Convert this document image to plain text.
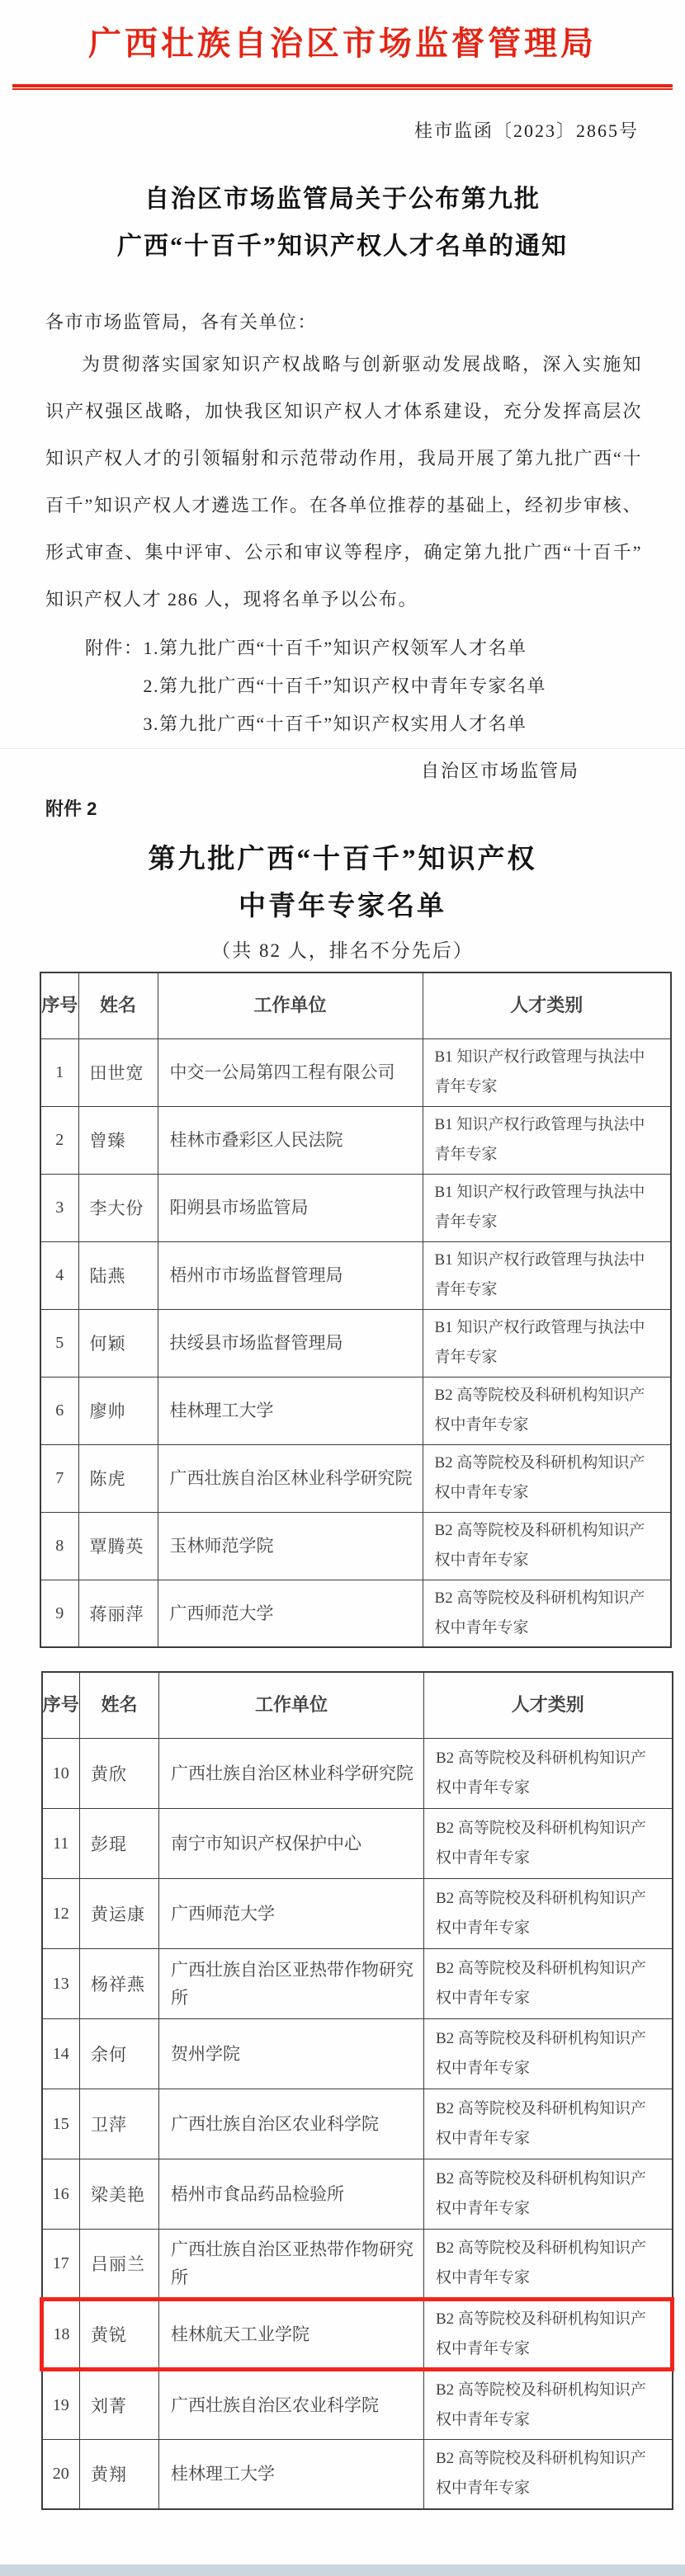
广西壮族自治区市场监督管理局
桂市监函〔2023〕2865号
自治区市场监管局关于公布第九批
广西“十百千”知识产权人才名单的通知

各市市场监管局，各有关单位：

为贯彻落实国家知识产权战略与创新驱动发展战略，深入实施知识产权强区战略，加快我区知识产权人才体系建设，充分发挥高层次知识产权人才的引领辐射和示范带动作用，我局开展了第九批广西“十百千”知识产权人才遴选工作。在各单位推荐的基础上，经初步审核、形式审查、集中评审、公示和审议等程序，确定第九批广西“十百千”知识产权人才 286 人，现将名单予以公布。

附件： 1.第九批广西“十百千”知识产权领军人才名单
2.第九批广西“十百千”知识产权中青年专家名单
3.第九批广西“十百千”知识产权实用人才名单
自治区市场监管局
附件 2
第九批广西“十百千”知识产权
中青年专家名单
（共 82 人，排名不分先后）
序号	姓名	工作单位	人才类别
1	田世宽	中交一公局第四工程有限公司	B1 知识产权行政管理与执法中青年专家
2	曾臻	桂林市叠彩区人民法院	B1 知识产权行政管理与执法中青年专家
3	李大份	阳朔县市场监管局	B1 知识产权行政管理与执法中青年专家
4	陆燕	梧州市市场监督管理局	B1 知识产权行政管理与执法中青年专家
5	何颖	扶绥县市场监督管理局	B1 知识产权行政管理与执法中青年专家
6	廖帅	桂林理工大学	B2 高等院校及科研机构知识产权中青年专家
7	陈虎	广西壮族自治区林业科学研究院	B2 高等院校及科研机构知识产权中青年专家
8	覃腾英	玉林师范学院	B2 高等院校及科研机构知识产权中青年专家
9	蒋丽萍	广西师范大学	B2 高等院校及科研机构知识产权中青年专家
序号	姓名	工作单位	人才类别
10	黄欣	广西壮族自治区林业科学研究院	B2 高等院校及科研机构知识产权中青年专家
11	彭琨	南宁市知识产权保护中心	B2 高等院校及科研机构知识产权中青年专家
12	黄运康	广西师范大学	B2 高等院校及科研机构知识产权中青年专家
13	杨祥燕	广西壮族自治区亚热带作物研究所	B2 高等院校及科研机构知识产权中青年专家
14	余何	贺州学院	B2 高等院校及科研机构知识产权中青年专家
15	卫萍	广西壮族自治区农业科学院	B2 高等院校及科研机构知识产权中青年专家
16	梁美艳	梧州市食品药品检验所	B2 高等院校及科研机构知识产权中青年专家
17	吕丽兰	广西壮族自治区亚热带作物研究所	B2 高等院校及科研机构知识产权中青年专家
18	黄锐	桂林航天工业学院	B2 高等院校及科研机构知识产权中青年专家
19	刘菁	广西壮族自治区农业科学院	B2 高等院校及科研机构知识产权中青年专家
20	黄翔	桂林理工大学	B2 高等院校及科研机构知识产权中青年专家
